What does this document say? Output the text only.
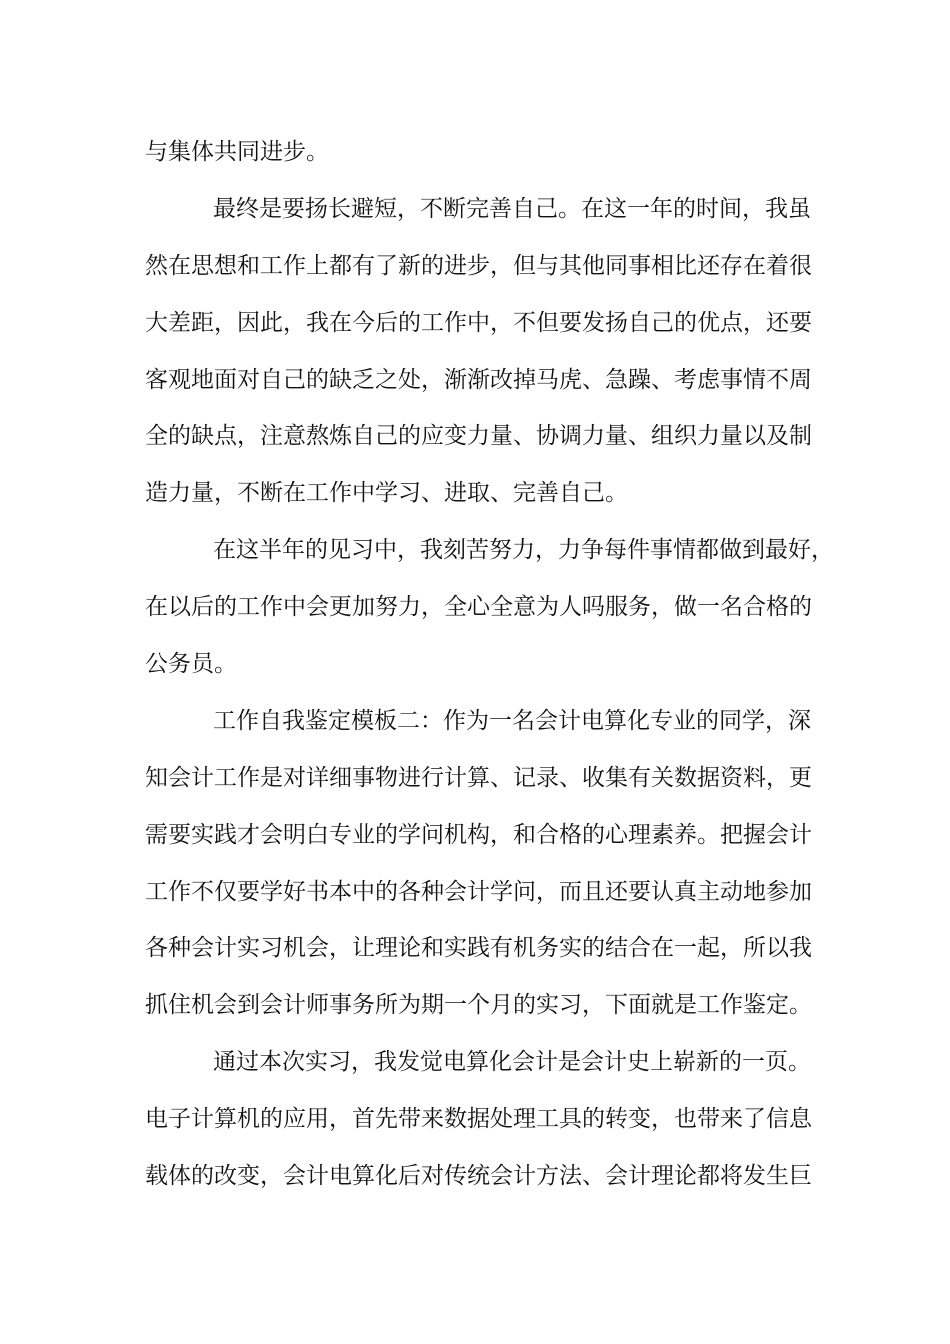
与集体共同进步。
最终是要扬长避短，不断完善自己。在这一年的时间，我虽
然在思想和工作上都有了新的进步，但与其他同事相比还存在着很
大差距，因此，我在今后的工作中，不但要发扬自己的优点，还要
客观地面对自己的缺乏之处，渐渐改掉马虎、急躁、考虑事情不周
全的缺点，注意熬炼自己的应变力量、协调力量、组织力量以及制
造力量，不断在工作中学习、进取、完善自己。
在这半年的见习中，我刻苦努力，力争每件事情都做到最好，
在以后的工作中会更加努力，全心全意为人吗服务，做一名合格的
公务员。
工作自我鉴定模板二：作为一名会计电算化专业的同学，深
知会计工作是对详细事物进行计算、记录、收集有关数据资料，更
需要实践才会明白专业的学问机构，和合格的心理素养。把握会计
工作不仅要学好书本中的各种会计学问，而且还要认真主动地参加
各种会计实习机会，让理论和实践有机务实的结合在一起，所以我
抓住机会到会计师事务所为期一个月的实习，下面就是工作鉴定。
通过本次实习，我发觉电算化会计是会计史上崭新的一页。
电子计算机的应用，首先带来数据处理工具的转变，也带来了信息
载体的改变，会计电算化后对传统会计方法、会计理论都将发生巨
